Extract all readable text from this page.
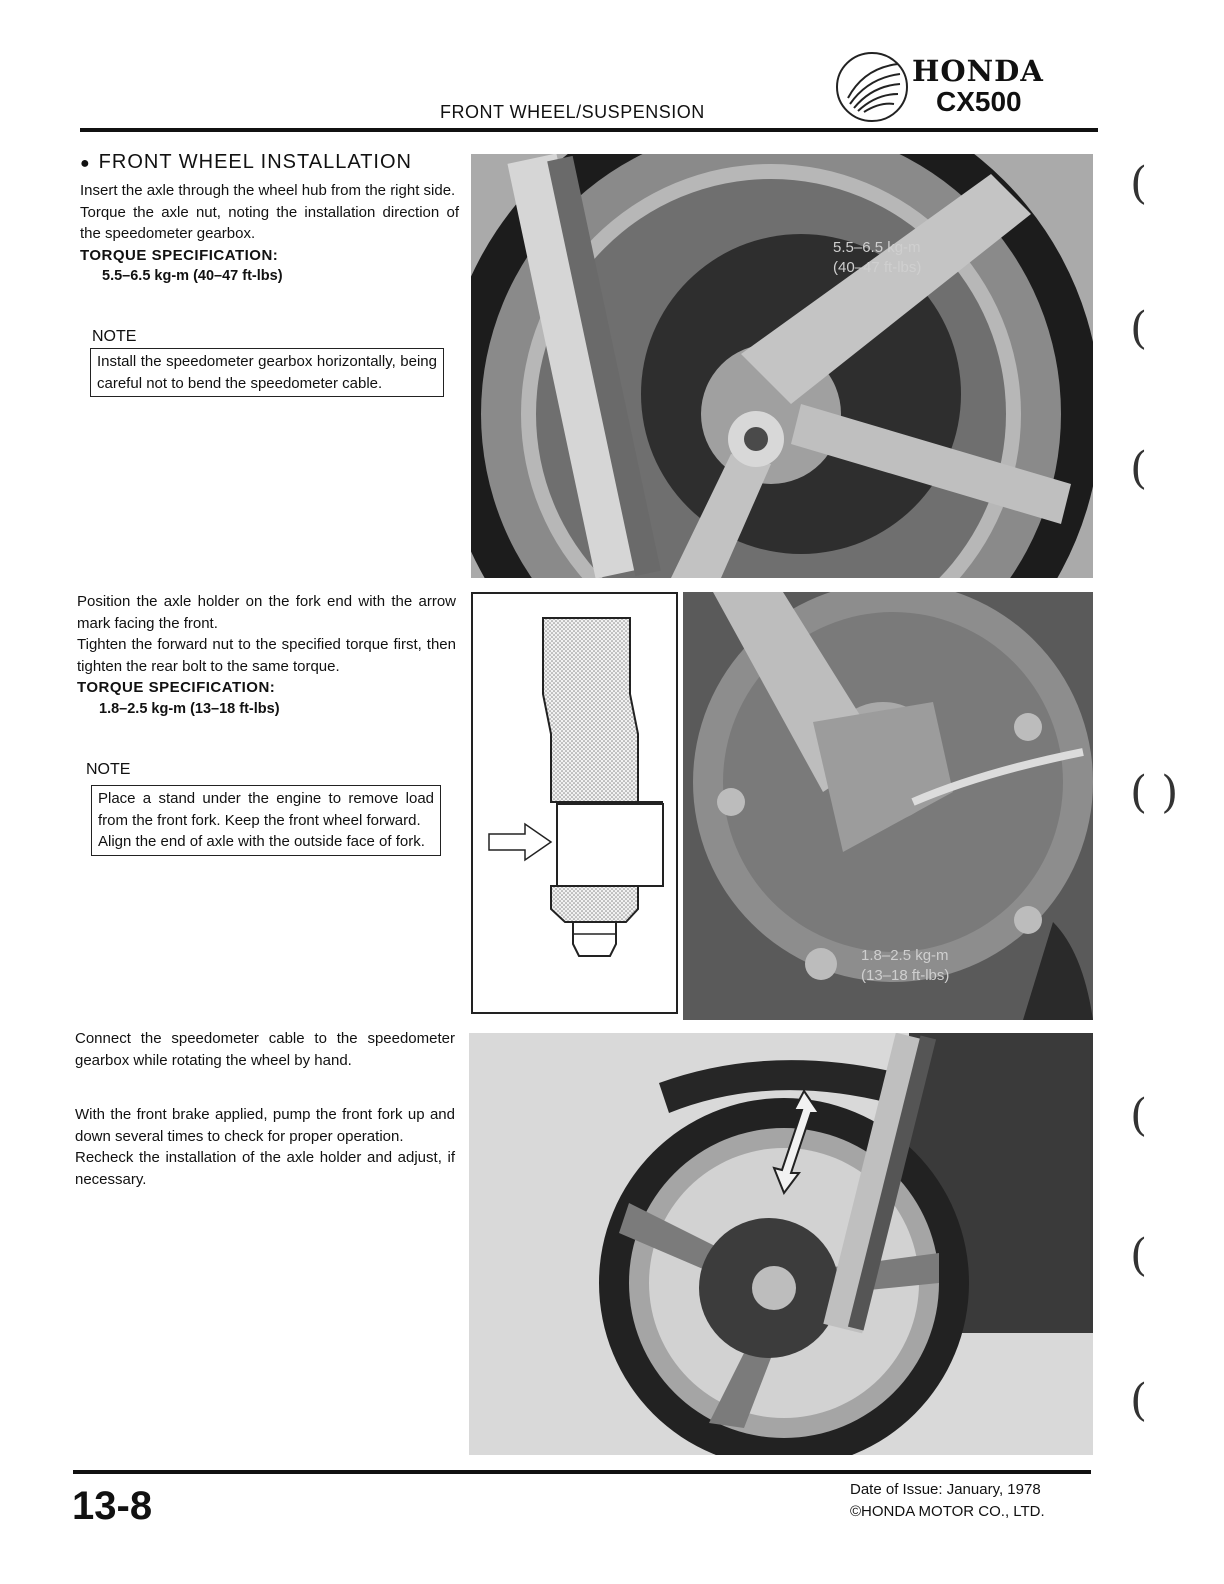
FRONT WHEEL/SUSPENSION
HONDA
CX500
● FRONT WHEEL INSTALLATION
Insert the axle through the wheel hub from the right side.
Torque the axle nut, noting the installation direction of the speedometer gearbox.
TORQUE SPECIFICATION:
5.5–6.5 kg-m (40–47 ft-lbs)
NOTE
Install the speedometer gearbox horizontally, being careful not to bend the speedometer cable.
5.5–6.5 kg-m
(40–47 ft-lbs)
Position the axle holder on the fork end with the arrow mark facing the front.
Tighten the forward nut to the specified torque first, then tighten the rear bolt to the same torque.
TORQUE SPECIFICATION:
1.8–2.5 kg-m (13–18 ft-lbs)
NOTE
Place a stand under the engine to remove load from the front fork. Keep the front wheel forward.
Align the end of axle with the outside face of fork.
1.8–2.5 kg-m
(13–18 ft-lbs)
Connect the speedometer cable to the speedometer gearbox while rotating the wheel by hand.
With the front brake applied, pump the front fork up and down several times to check for proper operation.
Recheck the installation of the axle holder and adjust, if necessary.
(
(
(
( )
(
(
(
13-8	Date of Issue: January, 1978
©HONDA MOTOR CO., LTD.
